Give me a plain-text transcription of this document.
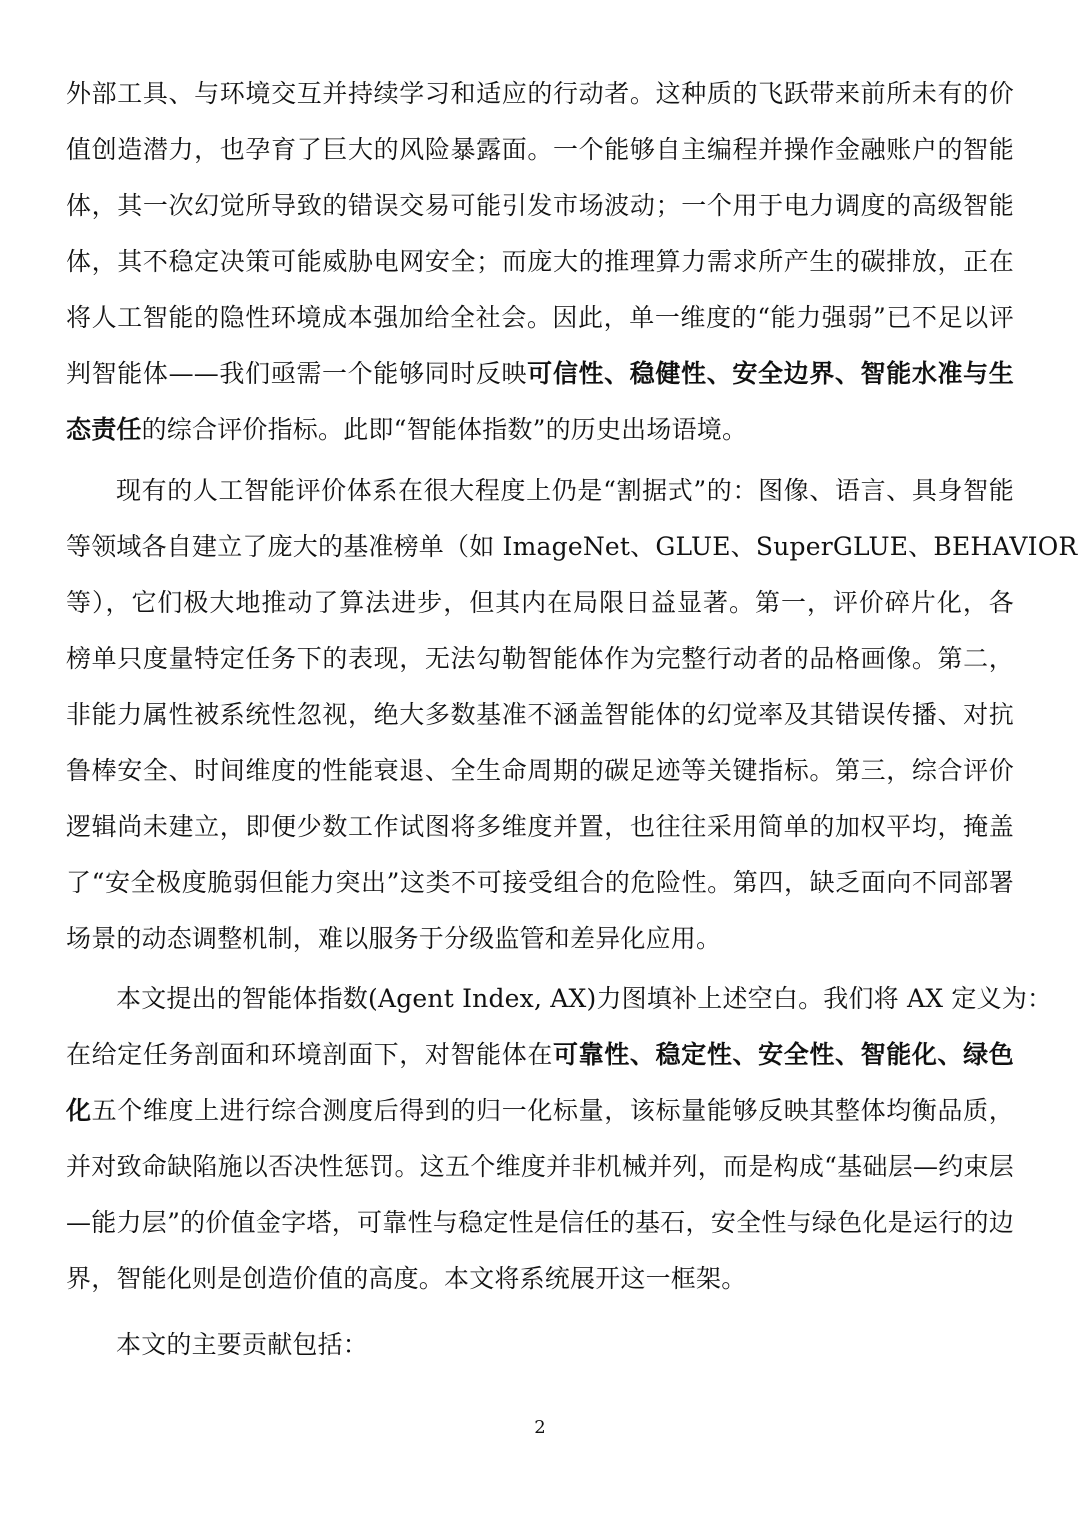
外部工具、与环境交互并持续学习和适应的行动者。这种质的飞跃带来前所未有的价
值创造潜力，也孕育了巨大的风险暴露面。一个能够自主编程并操作金融账户的智能
体，其一次幻觉所导致的错误交易可能引发市场波动；一个用于电力调度的高级智能
体，其不稳定决策可能威胁电网安全；而庞大的推理算力需求所产生的碳排放，正在
将人工智能的隐性环境成本强加给全社会。因此，单一维度的“能力强弱”已不足以评
判智能体——我们亟需一个能够同时反映可信性、稳健性、安全边界、智能水准与生
态责任的综合评价指标。此即“智能体指数”的历史出场语境。
现有的人工智能评价体系在很大程度上仍是“割据式”的：图像、语言、具身智能
等领域各自建立了庞大的基准榜单（如 ImageNet、GLUE、SuperGLUE、BEHAVIOR
等），它们极大地推动了算法进步，但其内在局限日益显著。第一，评价碎片化，各
榜单只度量特定任务下的表现，无法勾勒智能体作为完整行动者的品格画像。第二，
非能力属性被系统性忽视，绝大多数基准不涵盖智能体的幻觉率及其错误传播、对抗
鲁棒安全、时间维度的性能衰退、全生命周期的碳足迹等关键指标。第三，综合评价
逻辑尚未建立，即便少数工作试图将多维度并置，也往往采用简单的加权平均，掩盖
了“安全极度脆弱但能力突出”这类不可接受组合的危险性。第四，缺乏面向不同部署
场景的动态调整机制，难以服务于分级监管和差异化应用。
本文提出的智能体指数(Agent Index, AX)力图填补上述空白。我们将 AX 定义为：
在给定任务剖面和环境剖面下，对智能体在可靠性、稳定性、安全性、智能化、绿色
化五个维度上进行综合测度后得到的归一化标量，该标量能够反映其整体均衡品质，
并对致命缺陷施以否决性惩罚。这五个维度并非机械并列，而是构成“基础层—约束层
—能力层”的价值金字塔，可靠性与稳定性是信任的基石，安全性与绿色化是运行的边
界，智能化则是创造价值的高度。本文将系统展开这一框架。
本文的主要贡献包括：
2
